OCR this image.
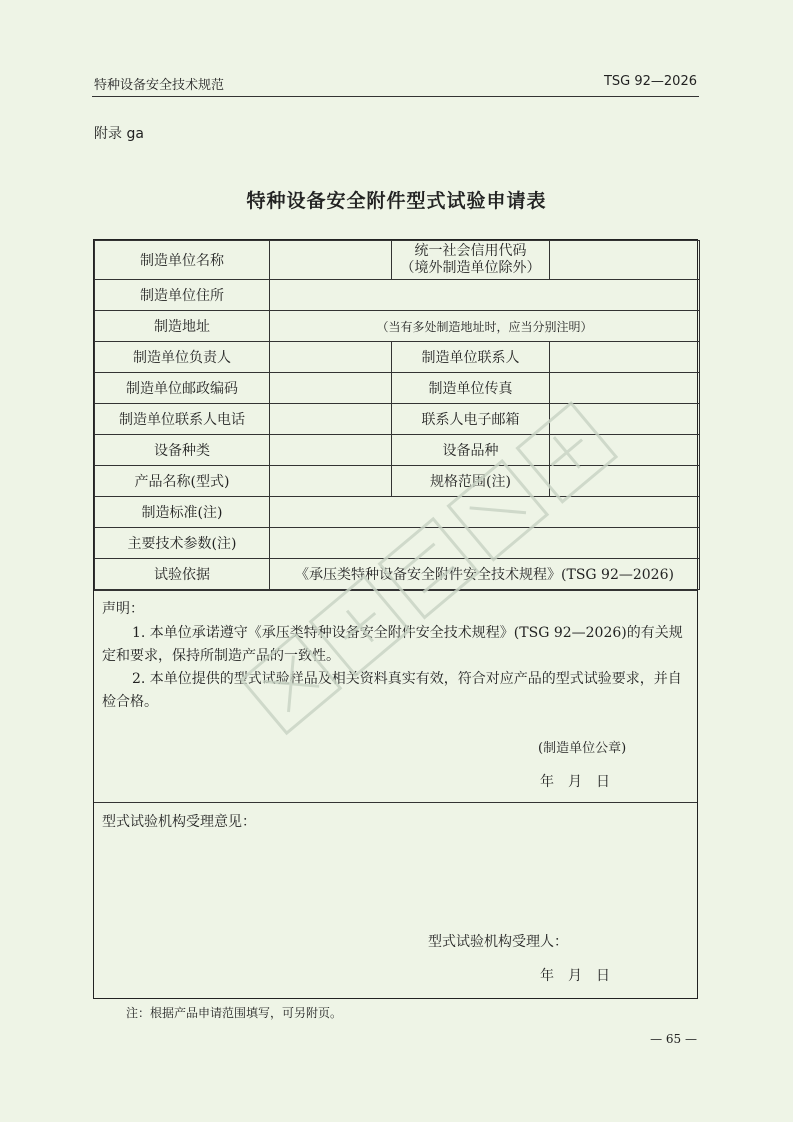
特种设备安全技术规范	TSG 92—2026
附录 ga
特种设备安全附件型式试验申请表
制造单位名称		统一社会信用代码
（境外制造单位除外）	

制造单位住所			
制造地址	（当有多处制造地址时，应当分别注明）		
制造单位负责人		制造单位联系人	
制造单位邮政编码		制造单位传真	
制造单位联系人电话		联系人电子邮箱	
设备种类		设备品种	
产品名称(型式)		规格范围(注)	
制造标准(注)			
主要技术参数(注)			
试验依据	《承压类特种设备安全附件安全技术规程》(TSG 92—2026)		
声明：
1. 本单位承诺遵守《承压类特种设备安全附件安全技术规程》(TSG 92—2026)的有关规定和要求，保持所制造产品的一致性。
2. 本单位提供的型式试验样品及相关资料真实有效，符合对应产品的型式试验要求，并自检合格。
(制造单位公章)
年　月　日
型式试验机构受理意见：
型式试验机构受理人：
年　月　日
注：根据产品申请范围填写，可另附页。
— 65 —
